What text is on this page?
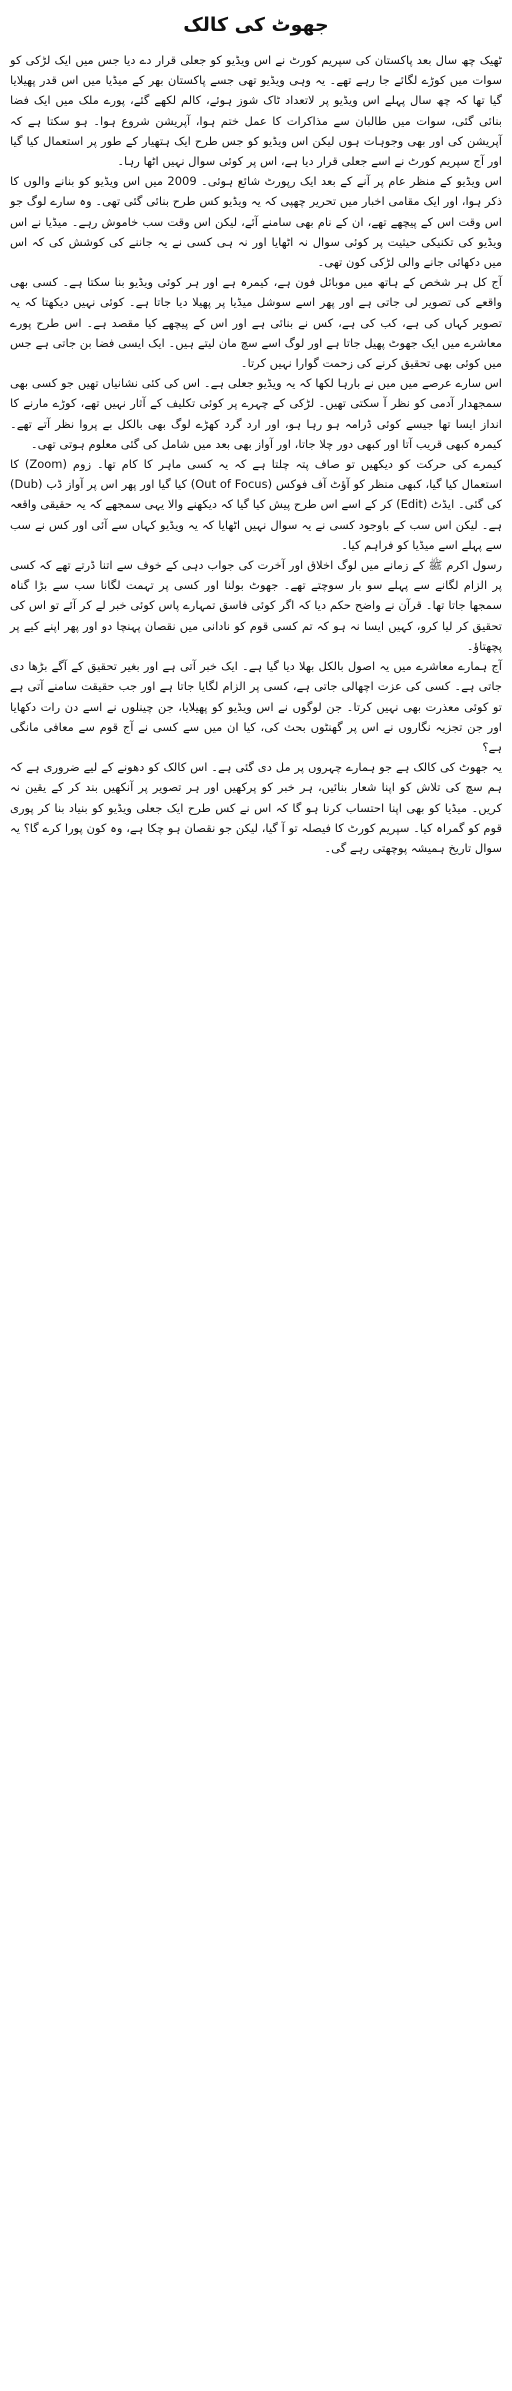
جھوٹ کی کالک

ٹھیک چھ سال بعد پاکستان کی سپریم کورٹ نے اس ویڈیو کو جعلی قرار دے دیا جس میں ایک لڑکی کو سوات میں کوڑے لگائے جا رہے تھے۔ یہ وہی ویڈیو تھی جسے پاکستان بھر کے میڈیا میں اس قدر پھیلایا گیا تھا کہ چھ سال پہلے اس ویڈیو پر لاتعداد ٹاک شوز ہوئے، کالم لکھے گئے، پورے ملک میں ایک فضا بنائی گئی، سوات میں طالبان سے مذاکرات کا عمل ختم ہوا، آپریشن شروع ہوا۔ ہو سکتا ہے کہ آپریشن کی اور بھی وجوہات ہوں لیکن اس ویڈیو کو جس طرح ایک ہتھیار کے طور پر استعمال کیا گیا اور آج سپریم کورٹ نے اسے جعلی قرار دیا ہے، اس پر کوئی سوال نہیں اٹھا رہا۔

اس ویڈیو کے منظر عام پر آنے کے بعد ایک رپورٹ شائع ہوئی۔ 2009 میں اس ویڈیو کو بنانے والوں کا ذکر ہوا، اور ایک مقامی اخبار میں تحریر چھپی کہ یہ ویڈیو کس طرح بنائی گئی تھی۔ وہ سارے لوگ جو اس وقت اس کے پیچھے تھے، ان کے نام بھی سامنے آئے، لیکن اس وقت سب خاموش رہے۔ میڈیا نے اس ویڈیو کی تکنیکی حیثیت پر کوئی سوال نہ اٹھایا اور نہ ہی کسی نے یہ جاننے کی کوشش کی کہ اس میں دکھائی جانے والی لڑکی کون تھی۔

آج کل ہر شخص کے ہاتھ میں موبائل فون ہے، کیمرہ ہے اور ہر کوئی ویڈیو بنا سکتا ہے۔ کسی بھی واقعے کی تصویر لی جاتی ہے اور پھر اسے سوشل میڈیا پر پھیلا دیا جاتا ہے۔ کوئی نہیں دیکھتا کہ یہ تصویر کہاں کی ہے، کب کی ہے، کس نے بنائی ہے اور اس کے پیچھے کیا مقصد ہے۔ اس طرح پورے معاشرے میں ایک جھوٹ پھیل جاتا ہے اور لوگ اسے سچ مان لیتے ہیں۔ ایک ایسی فضا بن جاتی ہے جس میں کوئی بھی تحقیق کرنے کی زحمت گوارا نہیں کرتا۔

اس سارے عرصے میں میں نے بارہا لکھا کہ یہ ویڈیو جعلی ہے۔ اس کی کئی نشانیاں تھیں جو کسی بھی سمجھدار آدمی کو نظر آ سکتی تھیں۔ لڑکی کے چہرے پر کوئی تکلیف کے آثار نہیں تھے، کوڑے مارنے کا انداز ایسا تھا جیسے کوئی ڈرامہ ہو رہا ہو، اور ارد گرد کھڑے لوگ بھی بالکل بے پروا نظر آتے تھے۔ کیمرہ کبھی قریب آتا اور کبھی دور چلا جاتا، اور آواز بھی بعد میں شامل کی گئی معلوم ہوتی تھی۔

کیمرے کی حرکت کو دیکھیں تو صاف پتہ چلتا ہے کہ یہ کسی ماہر کا کام تھا۔ زوم (Zoom) کا استعمال کیا گیا، کبھی منظر کو آؤٹ آف فوکس (Out of Focus) کیا گیا اور پھر اس پر آواز ڈب (Dub) کی گئی۔ ایڈٹ (Edit) کر کے اسے اس طرح پیش کیا گیا کہ دیکھنے والا یہی سمجھے کہ یہ حقیقی واقعہ ہے۔ لیکن اس سب کے باوجود کسی نے یہ سوال نہیں اٹھایا کہ یہ ویڈیو کہاں سے آئی اور کس نے سب سے پہلے اسے میڈیا کو فراہم کیا۔

رسول اکرم ﷺ کے زمانے میں لوگ اخلاق اور آخرت کی جواب دہی کے خوف سے اتنا ڈرتے تھے کہ کسی پر الزام لگانے سے پہلے سو بار سوچتے تھے۔ جھوٹ بولنا اور کسی پر تہمت لگانا سب سے بڑا گناہ سمجھا جاتا تھا۔ قرآن نے واضح حکم دیا کہ اگر کوئی فاسق تمہارے پاس کوئی خبر لے کر آئے تو اس کی تحقیق کر لیا کرو، کہیں ایسا نہ ہو کہ تم کسی قوم کو نادانی میں نقصان پہنچا دو اور پھر اپنے کیے پر پچھتاؤ۔

آج ہمارے معاشرے میں یہ اصول بالکل بھلا دیا گیا ہے۔ ایک خبر آتی ہے اور بغیر تحقیق کے آگے بڑھا دی جاتی ہے۔ کسی کی عزت اچھالی جاتی ہے، کسی پر الزام لگایا جاتا ہے اور جب حقیقت سامنے آتی ہے تو کوئی معذرت بھی نہیں کرتا۔ جن لوگوں نے اس ویڈیو کو پھیلایا، جن چینلوں نے اسے دن رات دکھایا اور جن تجزیہ نگاروں نے اس پر گھنٹوں بحث کی، کیا ان میں سے کسی نے آج قوم سے معافی مانگی ہے؟

یہ جھوٹ کی کالک ہے جو ہمارے چہروں پر مل دی گئی ہے۔ اس کالک کو دھونے کے لیے ضروری ہے کہ ہم سچ کی تلاش کو اپنا شعار بنائیں، ہر خبر کو پرکھیں اور ہر تصویر پر آنکھیں بند کر کے یقین نہ کریں۔ میڈیا کو بھی اپنا احتساب کرنا ہو گا کہ اس نے کس طرح ایک جعلی ویڈیو کو بنیاد بنا کر پوری قوم کو گمراہ کیا۔ سپریم کورٹ کا فیصلہ تو آ گیا، لیکن جو نقصان ہو چکا ہے، وہ کون پورا کرے گا؟ یہ سوال تاریخ ہمیشہ پوچھتی رہے گی۔
